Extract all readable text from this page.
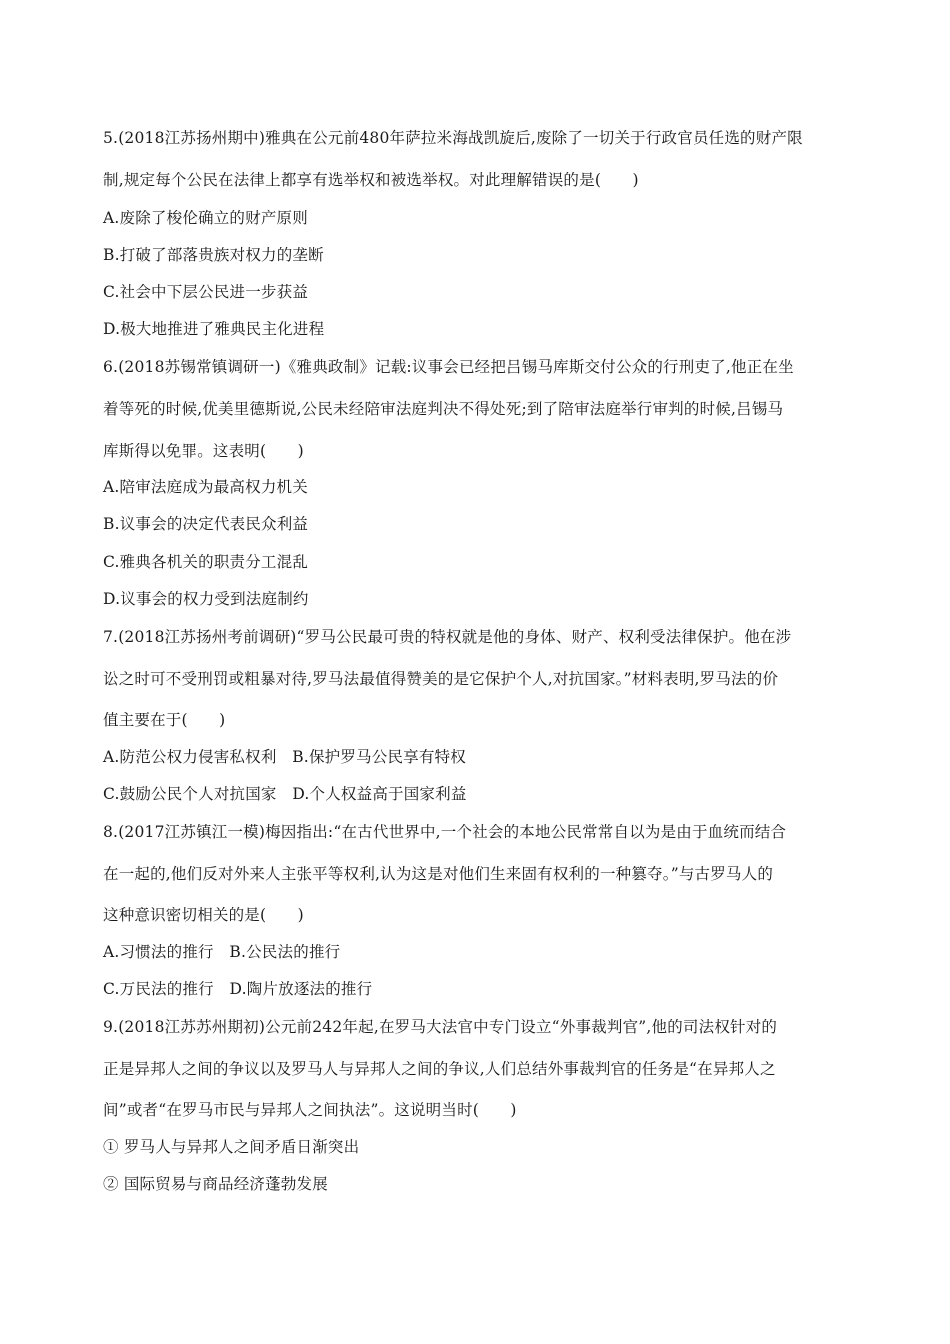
5.(2018江苏扬州期中)雅典在公元前480年萨拉米海战凯旋后,废除了一切关于行政官员任选的财产限
制,规定每个公民在法律上都享有选举权和被选举权。对此理解错误的是(　　)
A.废除了梭伦确立的财产原则
B.打破了部落贵族对权力的垄断
C.社会中下层公民进一步获益
D.极大地推进了雅典民主化进程
6.(2018苏锡常镇调研一)《雅典政制》记载:议事会已经把吕锡马库斯交付公众的行刑吏了,他正在坐
着等死的时候,优美里德斯说,公民未经陪审法庭判决不得处死;到了陪审法庭举行审判的时候,吕锡马
库斯得以免罪。这表明(　　)
A.陪审法庭成为最高权力机关
B.议事会的决定代表民众利益
C.雅典各机关的职责分工混乱
D.议事会的权力受到法庭制约
7.(2018江苏扬州考前调研)“罗马公民最可贵的特权就是他的身体、财产、权利受法律保护。他在涉
讼之时可不受刑罚或粗暴对待,罗马法最值得赞美的是它保护个人,对抗国家。”材料表明,罗马法的价
值主要在于(　　)
A.防范公权力侵害私权利　B.保护罗马公民享有特权
C.鼓励公民个人对抗国家　D.个人权益高于国家利益
8.(2017江苏镇江一模)梅因指出:“在古代世界中,一个社会的本地公民常常自以为是由于血统而结合
在一起的,他们反对外来人主张平等权利,认为这是对他们生来固有权利的一种篡夺。”与古罗马人的
这种意识密切相关的是(　　)
A.习惯法的推行　B.公民法的推行
C.万民法的推行　D.陶片放逐法的推行
9.(2018江苏苏州期初)公元前242年起,在罗马大法官中专门设立“外事裁判官”,他的司法权针对的
正是异邦人之间的争议以及罗马人与异邦人之间的争议,人们总结外事裁判官的任务是“在异邦人之
间”或者“在罗马市民与异邦人之间执法”。这说明当时(　　)
① 罗马人与异邦人之间矛盾日渐突出
② 国际贸易与商品经济蓬勃发展
